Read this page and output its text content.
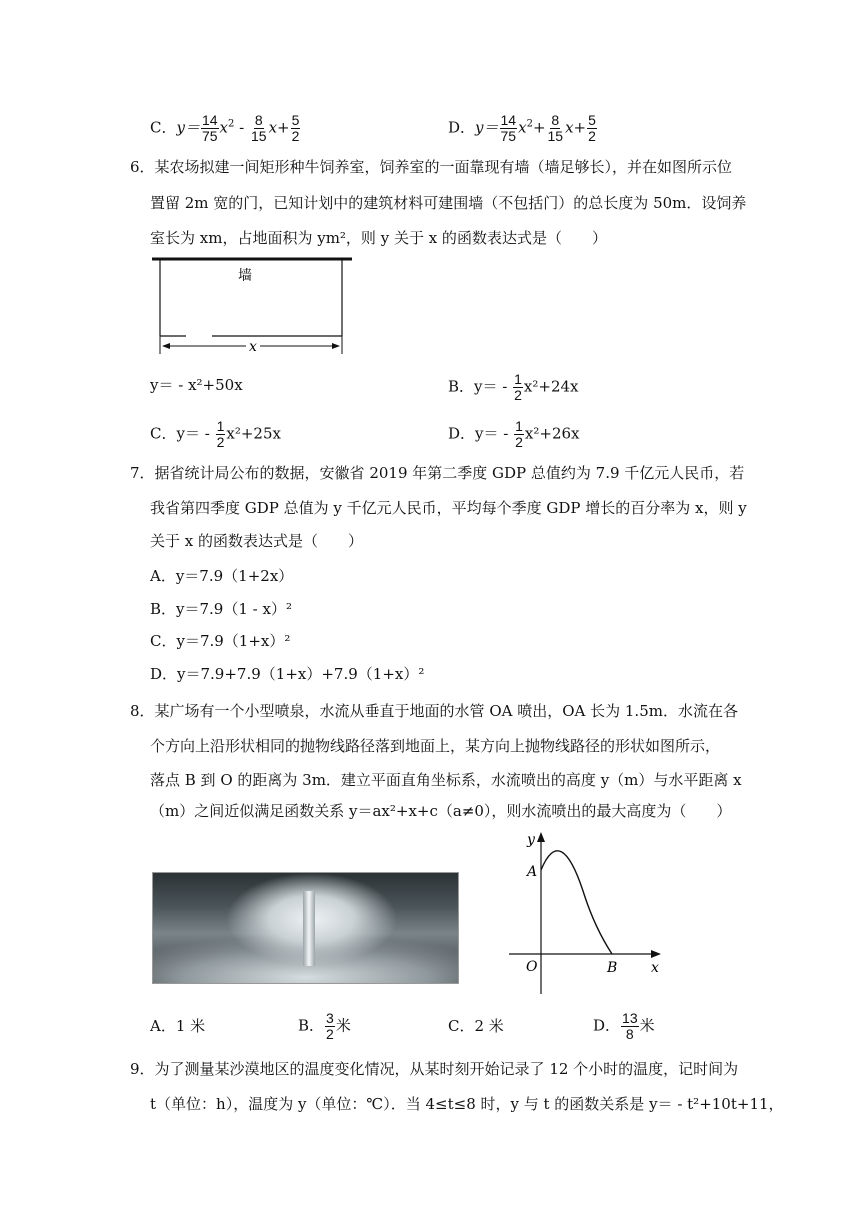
C．$y= \frac{14}{75} x^2 - \frac{8}{15} x+ \frac{5}{2}$	D．$y= \frac{14}{75} x^2+ \frac{8}{15} x+ \frac{5}{2}$
6．某农场拟建一间矩形种牛饲养室，饲养室的一面靠现有墙（墙足够长），并在如图所示位
置留 2m 宽的门，已知计划中的建筑材料可建围墙（不包括门）的总长度为 50m．设饲养
室长为 xm，占地面积为 ym²，则 y 关于 x 的函数表达式是（　　）
墙
x
y＝ - x²+50x	B．$y= - \frac{1}{2} x^2+24x$
C．$y= - \frac{1}{2} x^2+25x$	D．$y= - \frac{1}{2} x^2+26x$
7．据省统计局公布的数据，安徽省 2019 年第二季度 GDP 总值约为 7.9 千亿元人民币，若
我省第四季度 GDP 总值为 y 千亿元人民币，平均每个季度 GDP 增长的百分率为 x，则 y
关于 x 的函数表达式是（　　）
A．y＝7.9（1+2x）
B．y＝7.9（1 - x）²
C．y＝7.9（1+x）²
D．y＝7.9+7.9（1+x）+7.9（1+x）²
8．某广场有一个小型喷泉，水流从垂直于地面的水管 OA 喷出，OA 长为 1.5m．水流在各
个方向上沿形状相同的抛物线路径落到地面上，某方向上抛物线路径的形状如图所示，
落点 B 到 O 的距离为 3m．建立平面直角坐标系，水流喷出的高度 y（m）与水平距离 x
（m）之间近似满足函数关系 y＝ax²+x+c（a≠0），则水流喷出的最大高度为（　　）
y
x
A
O	B
A．1 米	B． $\frac{3}{2}$ 米	C．2 米	D． $\frac{13}{8}$ 米
9．为了测量某沙漠地区的温度变化情况，从某时刻开始记录了 12 个小时的温度，记时间为
t（单位：h），温度为 y（单位：℃）．当 4≤t≤8 时，y 与 t 的函数关系是 y＝ - t²+10t+11，
